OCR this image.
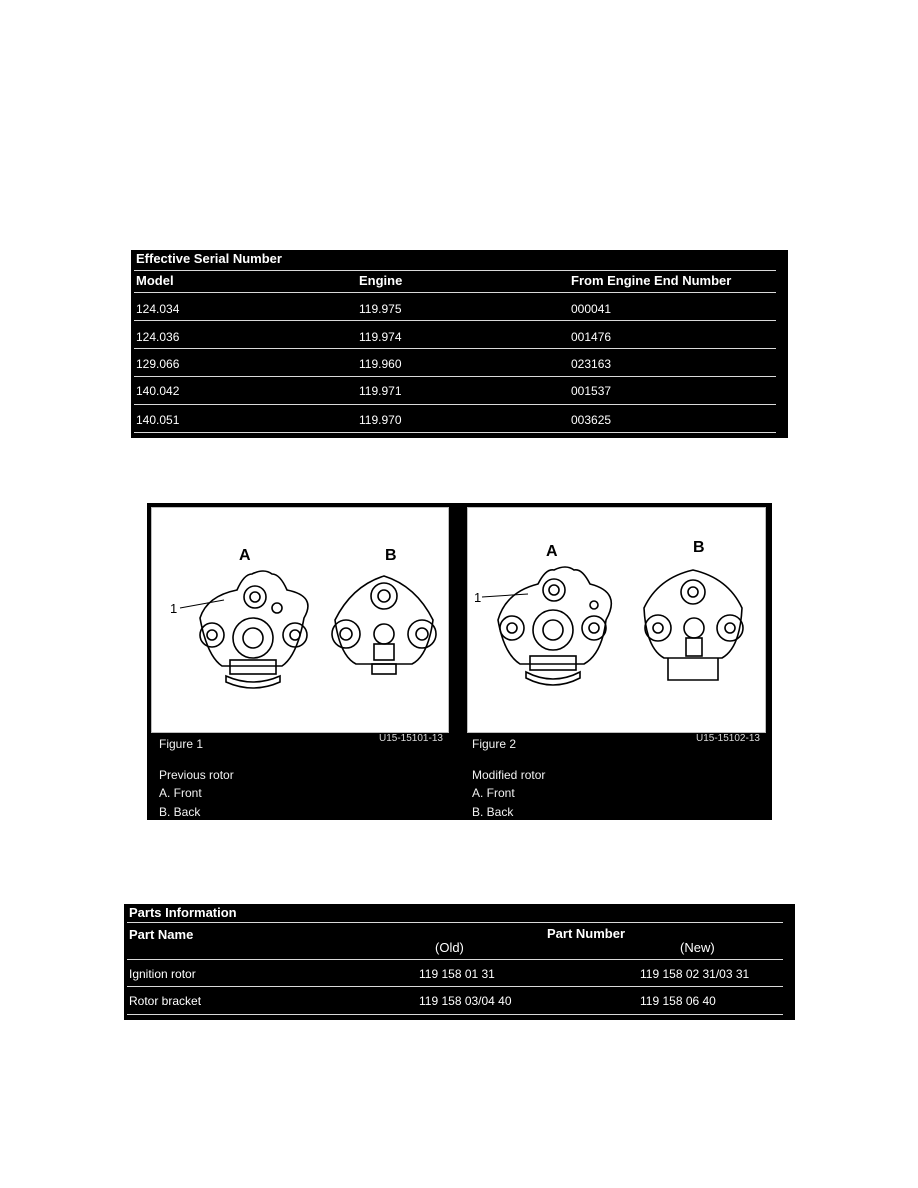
Effective Serial Number
Model	Engine	From Engine End Number
124.034	119.975	000041
124.036	119.974	001476
129.066	119.960	023163
140.042	119.971	001537
140.051	119.970	003625
A	B
1
Figure 1	U15-15101-13
Previous rotor
A. Front
B. Back
A	B
1
Figure 2	U15-15102-13
Modified rotor
A. Front
B. Back
Parts Information
Part Name	Part Number
(Old)	(New)
Ignition rotor	119 158 01 31	119 158 02 31/03 31
Rotor bracket	119 158 03/04 40	119 158 06 40
